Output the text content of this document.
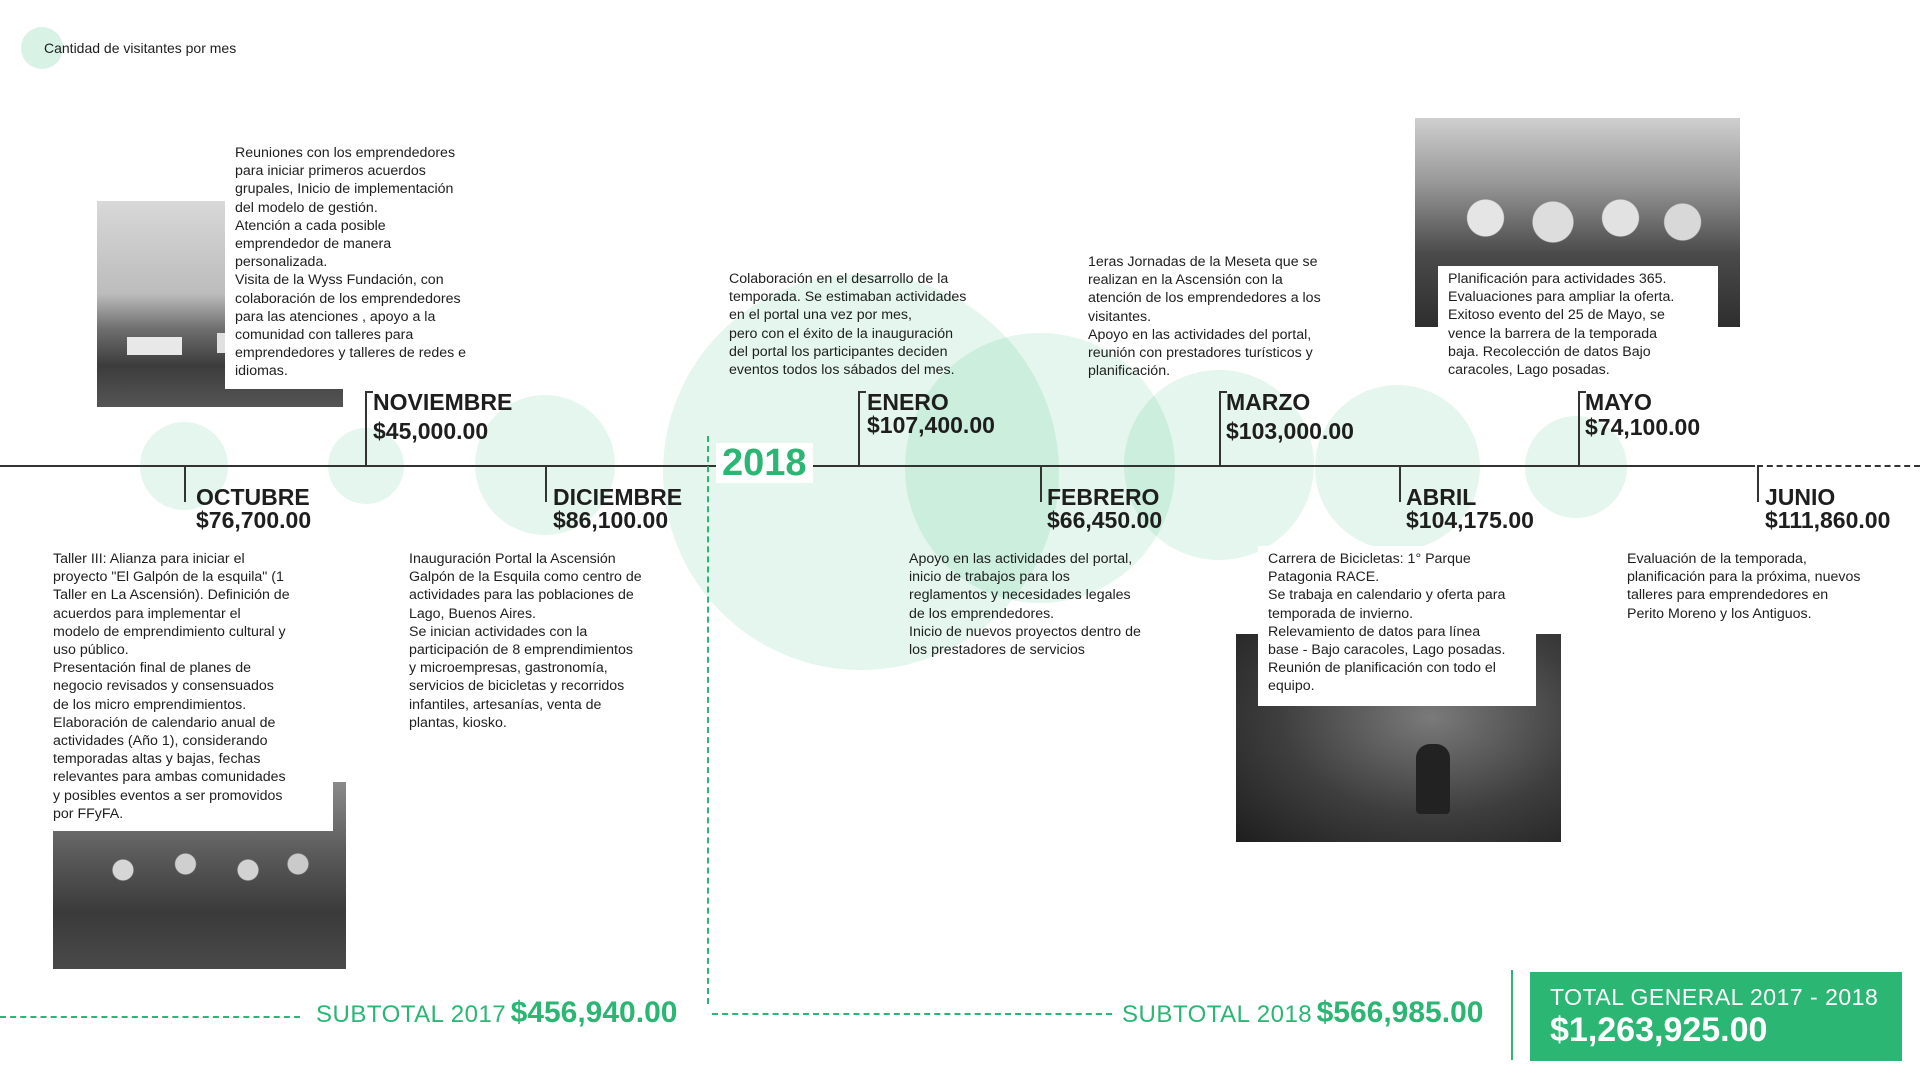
Cantidad de visitantes por mes
2018
OCTUBRE
$76,700.00
NOVIEMBRE
$45,000.00
DICIEMBRE
$86,100.00
ENERO
$107,400.00
FEBRERO
$66,450.00
MARZO
$103,000.00
ABRIL
$104,175.00
MAYO
$74,100.00
JUNIO
$111,860.00
Taller III: Alianza para iniciar el
proyecto "El Galpón de la esquila" (1
Taller en La Ascensión). Definición de
acuerdos para implementar el
modelo de emprendimiento cultural y
uso público.
Presentación final de planes de
negocio revisados y consensuados
de los micro emprendimientos.
Elaboración de calendario anual de
actividades (Año 1), considerando
temporadas altas y bajas, fechas
relevantes para ambas comunidades
y posibles eventos a ser promovidos
por FFyFA.
Reuniones con los emprendedores
para iniciar primeros acuerdos
grupales, Inicio de implementación
del modelo de gestión.
Atención a cada posible
emprendedor de manera
personalizada.
Visita de la Wyss Fundación, con
colaboración de los emprendedores
para las atenciones , apoyo a la
comunidad con talleres para
emprendedores y talleres de redes e
idiomas.
Inauguración Portal la Ascensión
Galpón de la Esquila como centro de
actividades para las poblaciones de
Lago, Buenos Aires.
Se inician actividades con la
participación de 8 emprendimientos
y microempresas, gastronomía,
servicios de bicicletas y recorridos
infantiles, artesanías, venta de
plantas, kiosko.
Colaboración en el desarrollo de la
temporada. Se estimaban actividades
en el portal una vez por mes,
pero con el éxito de la inauguración
del portal los participantes deciden
eventos todos los sábados del mes.
Apoyo en las actividades del portal,
inicio de trabajos para los
reglamentos y necesidades legales
de los emprendedores.
Inicio de nuevos proyectos dentro de
los prestadores de servicios
1eras Jornadas de la Meseta que se
realizan en la Ascensión con la
atención de los emprendedores a los
visitantes.
Apoyo en las actividades del portal,
reunión con prestadores turísticos y
planificación.
Carrera de Bicicletas: 1° Parque
Patagonia RACE.
Se trabaja en calendario y oferta para
temporada de invierno.
Relevamiento de datos para línea
base - Bajo caracoles, Lago posadas.
Reunión de planificación con todo el
equipo.
Planificación para actividades 365.
Evaluaciones para ampliar la oferta.
Exitoso evento del 25 de Mayo, se
vence la barrera de la temporada
baja. Recolección de datos Bajo
caracoles, Lago posadas.
Evaluación de la temporada,
planificación para la próxima, nuevos
talleres para emprendedores en
Perito Moreno y los Antiguos.
SUBTOTAL 2017 $456,940.00	SUBTOTAL 2018 $566,985.00	TOTAL GENERAL 2017 - 2018
$1,263,925.00
